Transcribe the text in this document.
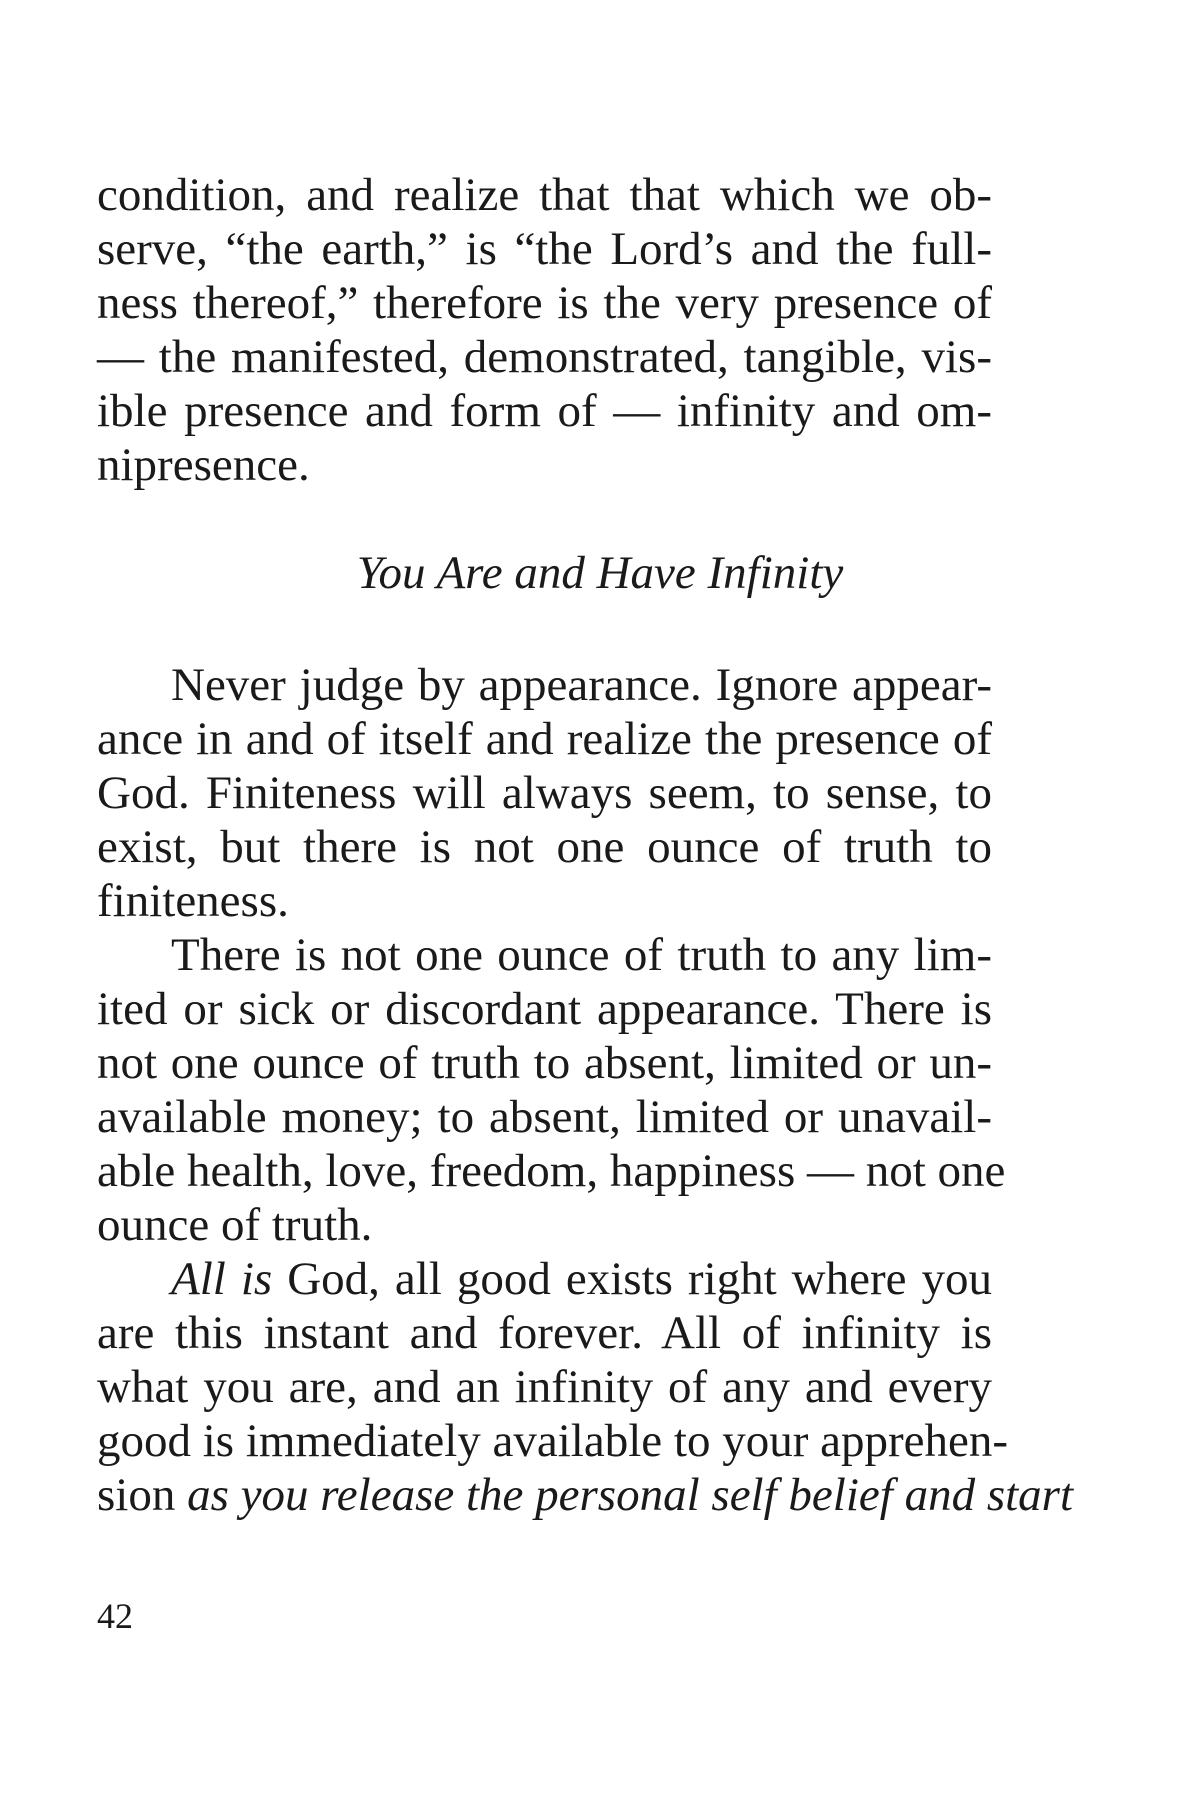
condition, and realize that that which we ob-
serve, “the earth,” is “the Lord’s and the full-
ness thereof,” therefore is the very presence of
— the manifested, demonstrated, tangible, vis-
ible presence and form of — infinity and om-
nipresence.
You Are and Have Infinity
Never judge by appearance. Ignore appear-
ance in and of itself and realize the presence of
God. Finiteness will always seem, to sense, to
exist, but there is not one ounce of truth to
finiteness.
There is not one ounce of truth to any lim-
ited or sick or discordant appearance. There is
not one ounce of truth to absent, limited or un-
available money; to absent, limited or unavail-
able health, love, freedom, happiness — not one
ounce of truth.
All is God, all good exists right where you
are this instant and forever. All of infinity is
what you are, and an infinity of any and every
good is immediately available to your apprehen-
sion as you release the personal self belief and start
42
